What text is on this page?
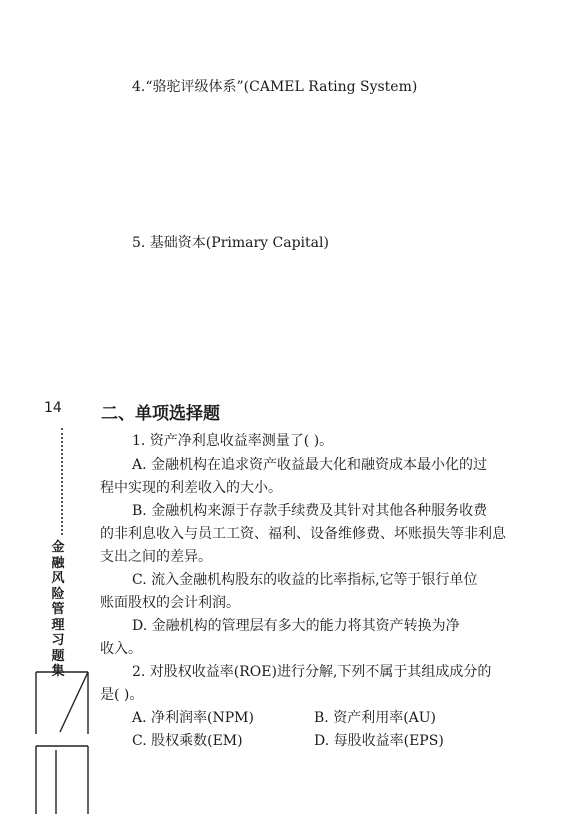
4.“骆驼评级体系”(CAMEL Rating System)
5. 基础资本(Primary Capital)
14
金
融
风
险
管
理
习
题
集
二、单项选择题
1. 资产净利息收益率测量了( )。
A. 金融机构在追求资产收益最大化和融资成本最小化的过
程中实现的利差收入的大小。
B. 金融机构来源于存款手续费及其针对其他各种服务收费
的非利息收入与员工工资、福利、设备维修费、坏账损失等非利息
支出之间的差异。
C. 流入金融机构股东的收益的比率指标,它等于银行单位
账面股权的会计利润。
D. 金融机构的管理层有多大的能力将其资产转换为净
收入。
2. 对股权收益率(ROE)进行分解,下列不属于其组成成分的
是( )。
A. 净利润率(NPM)	B. 资产利用率(AU)
C. 股权乘数(EM)	D. 每股收益率(EPS)
